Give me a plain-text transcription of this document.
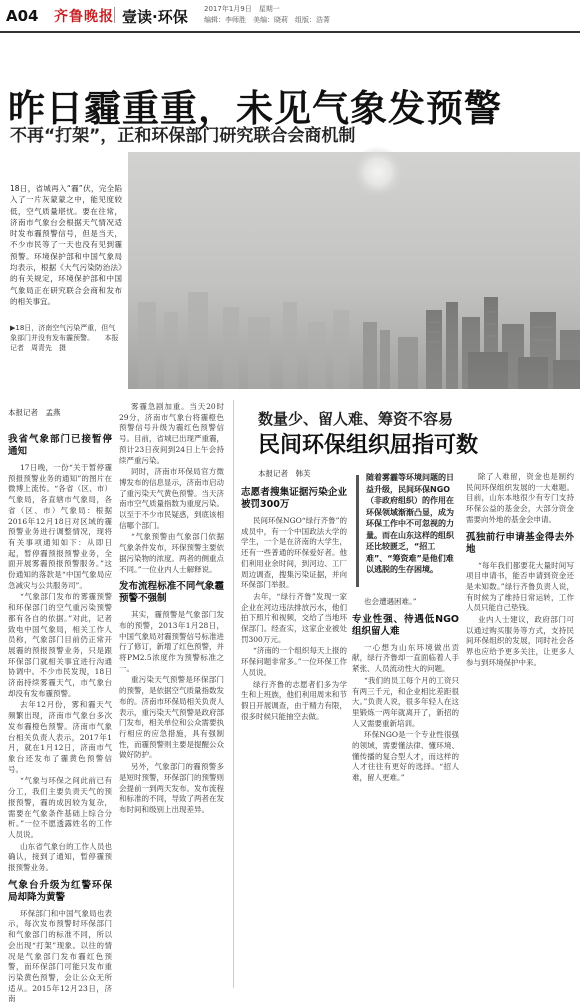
A04 齐鲁晚报 壹读·环保 2017年1月9日　星期一
编辑：李师胜　美编：晓莉　组版：浩菁
昨日霾重重，未见气象发预警
不再“打架”，正和环保部门研究联合会商机制
18日，省城再入“霾”伏，完全陷入了一片灰蒙蒙之中，能见度较低，空气质量堪忧。要在往常，济南市气象台会根据天气情况适时发布霾预警信号，但是当天，不少市民等了一天也没有见到霾预警。环境保护部和中国气象局均表示，根据《大气污染防治法》的有关规定，环境保护部和中国气象局正在研究联合会商和发布的相关事宜。
▶18日，济南空气污染严重，但气象部门并没有发布霾预警。　　本报记者　周青先　摄
本报记者　孟燕
我省气象部门已接暂停通知

17日晚，一份“关于暂停霾预报预警业务的通知”的图片在微博上流传。“各省（区、市）气象局，各直辖市气象局，各省（区、市）气象局：根据2016年12月18日对区域的霾预警业务进行调整情况，现将有关事项通知如下：从即日起，暂停霾预报预警业务，全面开展雾霾预报预警服务。”这份通知的落款是“中国气象局应急减灾与公共服务司”。

“气象部门发布的雾霾预警和环保部门的空气重污染预警都有各自的依据。”对此，记者致电中国气象局，相关工作人员称，气象部门目前仍正常开展霾的预报预警业务，只是跟环保部门就相关事宜进行沟通协调中。不少市民发现，18日济南持续雾霾天气，市气象台却没有发布霾预警。

去年12月份，雾和霾天气频繁出现，济南市气象台多次发布霾橙色预警。济南市气象台相关负责人表示，2017年1月，就在1月12日，济南市气象台还发布了霾黄色预警信号。

“气象与环保之间此前已有分工，我们主要负责天气的预报预警，霾的成因较为复杂，需要在气象条件基础上综合分析。”一位不愿透露姓名的工作人员说。

山东省气象台的工作人员也确认，接到了通知，暂停霾预报预警业务。

气象台升级为红警环保局却降为黄警

环保部门和中国气象局也表示，每次发布预警时环保部门和气象部门的标准不同，所以会出现“打架”现象。以往的情况是气象部门发布霾红色预警，而环保部门可能只发布重污染黄色预警，会让公众无所适从。2015年12月23日，济南

雾霾急剧加重。当天20时29分，济南市气象台将霾橙色预警信号升级为霾红色预警信号。目前，省城已出现严重霾，预计23日夜间到24日上午会持续严重污染。

同时，济南市环保局官方微博发布的信息显示，济南市启动了重污染天气黄色预警。当天济南市空气质量指数为重度污染。以至于不少市民疑惑，到底该相信哪个部门。

“气象预警由气象部门依据气象条件发布，环保预警主要依据污染物的浓度。两者的侧重点不同。”一位业内人士解释说。

发布流程标准不同气象霾预警不强制

其实，霾预警是气象部门发布的预警，2013年1月28日，中国气象局对霾预警信号标准进行了修订，新增了红色预警，并将PM2.5浓度作为预警标准之一。

重污染天气预警是环保部门的预警，是依据空气质量指数发布的。济南市环保局相关负责人表示，重污染天气预警是政府部门发布，相关单位和公众需要执行相应的应急措施，具有强制性，而霾预警则主要是提醒公众做好防护。

另外，气象部门的霾预警多是短时预警，环保部门的预警则会提前一到两天发布。发布流程和标准的不同，导致了两者在发布时间和级别上出现差异。

数量少、留人难、筹资不容易
民间环保组织屈指可数
本报记者　韩芙
志愿者搜集证据污染企业被罚300万

民间环保NGO“绿行齐鲁”的成员中，有一个中国政法大学的学生，一个是在济南的大学生，还有一些普通的环保爱好者。他们利用业余时间，到河边、工厂周边调查，搜集污染证据，并向环保部门举报。

去年，“绿行齐鲁”发现一家企业在河边违法排放污水，他们拍下照片和视频，交给了当地环保部门。经查实，这家企业被处罚300万元。

“济南的一个组织每天上报的环保问题非常多。”一位环保工作人员说。

绿行齐鲁的志愿者们多为学生和上班族，他们利用周末和节假日开展调查，由于精力有限，很多时候只能抽空去做。

随着雾霾等环境问题的日益升级，民间环保NGO（非政府组织）的作用在环保领域渐渐凸显，成为环保工作中不可忽视的力量。而在山东这样的组织还比较匮乏，“招工难”、“筹资难”是他们难以逃脱的生存困境。

也会遭遇困难。”

专业性强、待遇低NGO组织留人难

一心想为山东环境做出贡献，绿行齐鲁却一直面临着人手紧张、人员流动性大的问题。

“我们的员工每个月的工资只有两三千元，和企业相比差距很大。”负责人说，很多年轻人在这里锻炼一两年就离开了，新招的人又需要重新培训。

环保NGO是一个专业性很强的领域，需要懂法律、懂环境、懂传播的复合型人才，而这样的人才往往有更好的选择。“招人难，留人更难。”

除了人难留，资金也是制约民间环保组织发展的一大难题。目前，山东本地很少有专门支持环保公益的基金会，大部分资金需要向外地的基金会申请。

孤独前行申请基金得去外地

“每年我们都要花大量时间写项目申请书，能否申请到资金还是未知数。”绿行齐鲁负责人说，有时候为了维持日常运转，工作人员只能自己垫钱。

业内人士建议，政府部门可以通过购买服务等方式，支持民间环保组织的发展，同时社会各界也应给予更多关注，让更多人参与到环境保护中来。
